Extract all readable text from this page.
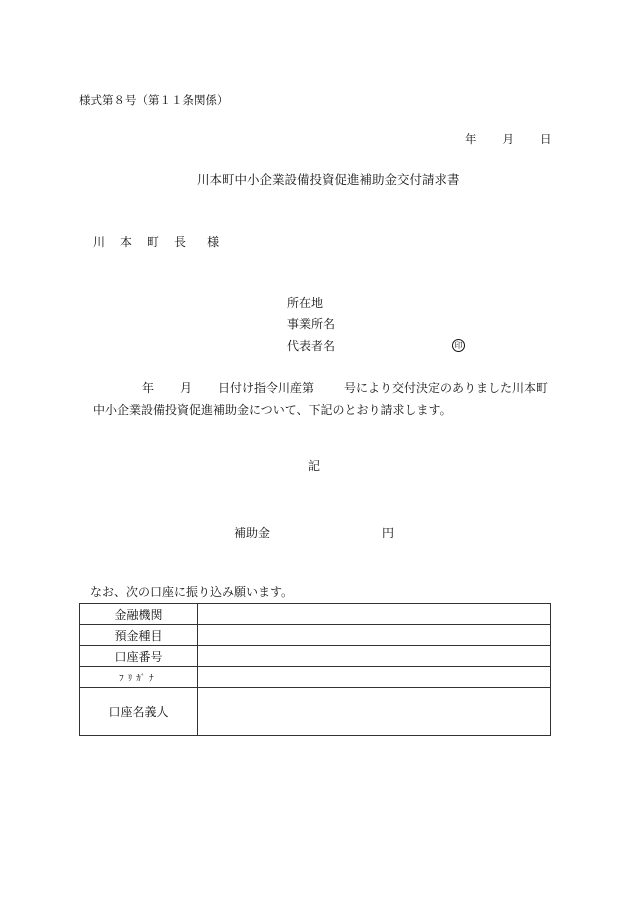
様式第８号（第１１条関係）
年 月 日
川本町中小企業設備投資促進補助金交付請求書
川 本 町 長 様
所在地
事業所名
代表者名	印
年 月 日付け指令川産第	号により交付決定のありました川本町中小企業設備投資促進補助金について、下記のとおり請求します。
記
補助金	円
なお、次の口座に振り込み願います。
金融機関	
預金種目	
口座番号	
ﾌﾘｶﾞﾅ	
口座名義人	
